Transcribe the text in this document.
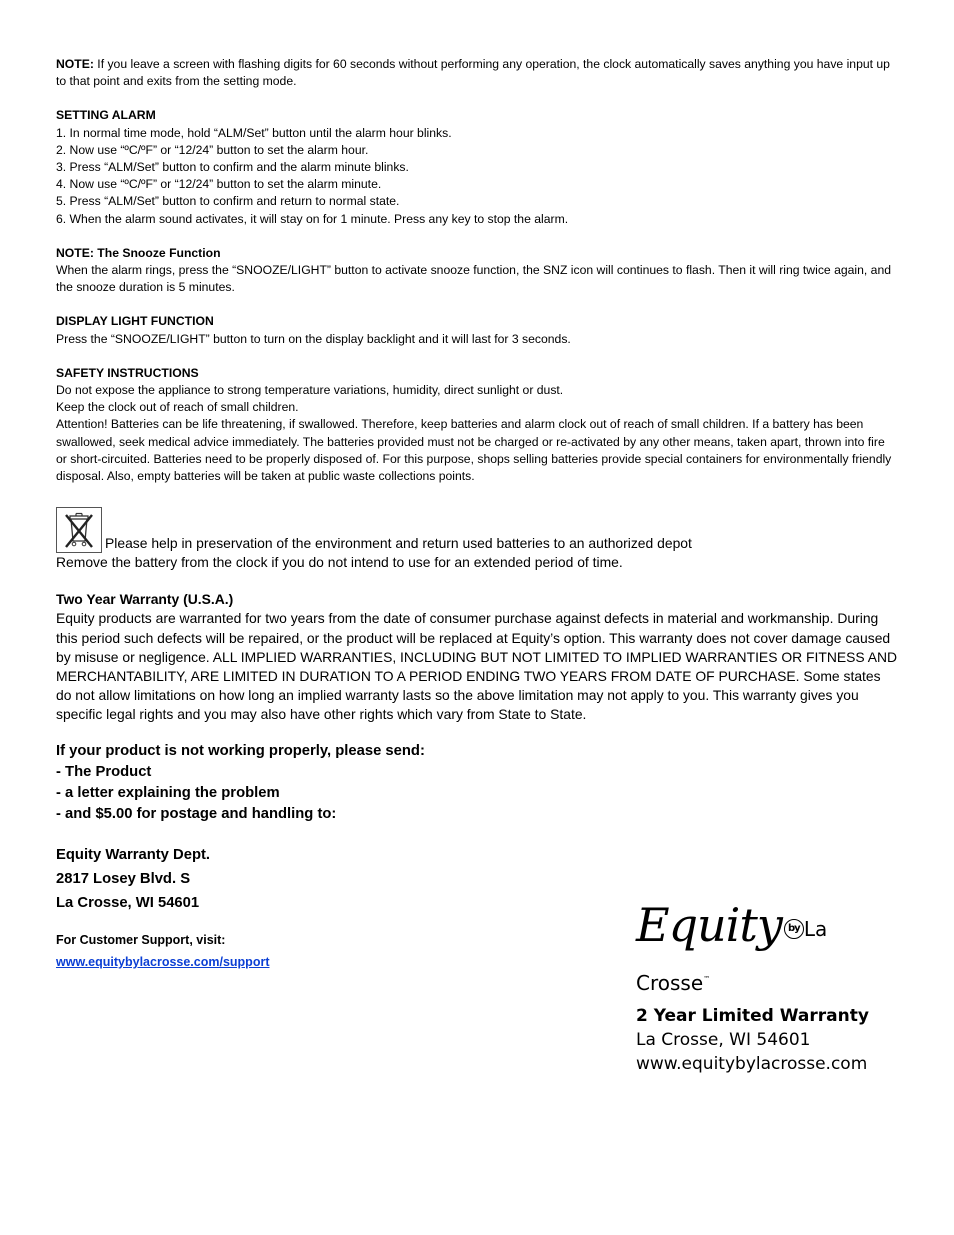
NOTE: If you leave a screen with flashing digits for 60 seconds without performing any operation, the clock automatically saves anything you have input up to that point and exits from the setting mode.

SETTING ALARM

1. In normal time mode, hold “ALM/Set” button until the alarm hour blinks.

2. Now use “ºC/ºF” or “12/24” button to set the alarm hour.

3. Press “ALM/Set” button to confirm and the alarm minute blinks.

4. Now use “ºC/ºF” or “12/24” button to set the alarm minute.

5. Press “ALM/Set” button to confirm and return to normal state.

6. When the alarm sound activates, it will stay on for 1 minute. Press any key to stop the alarm.

NOTE: The Snooze Function

When the alarm rings, press the “SNOOZE/LIGHT” button to activate snooze function, the SNZ icon will continues to flash. Then it will ring twice again, and the snooze duration is 5 minutes.

DISPLAY LIGHT FUNCTION

Press the “SNOOZE/LIGHT” button to turn on the display backlight and it will last for 3 seconds.

SAFETY INSTRUCTIONS

Do not expose the appliance to strong temperature variations, humidity, direct sunlight or dust.

Keep the clock out of reach of small children.

Attention! Batteries can be life threatening, if swallowed. Therefore, keep batteries and alarm clock out of reach of small children. If a battery has been swallowed, seek medical advice immediately. The batteries provided must not be charged or re-activated by any other means, taken apart, thrown into fire or short-circuited. Batteries need to be properly disposed of. For this purpose, shops selling batteries provide special containers for environmentally friendly disposal. Also, empty batteries will be taken at public waste collections points.

Please help in preservation of the environment and return used batteries to an authorized depot
Remove the battery from the clock if you do not intend to use for an extended period of time.

Two Year Warranty (U.S.A.)

Equity products are warranted for two years from the date of consumer purchase against defects in material and workmanship. During this period such defects will be repaired, or the product will be replaced at Equity’s option. This warranty does not cover damage caused by misuse or negligence. ALL IMPLIED WARRANTIES, INCLUDING BUT NOT LIMITED TO IMPLIED WARRANTIES OR FITNESS AND MERCHANTABILITY, ARE LIMITED IN DURATION TO A PERIOD ENDING TWO YEARS FROM DATE OF PURCHASE. Some states do not allow limitations on how long an implied warranty lasts so the above limitation may not apply to you. This warranty gives you specific legal rights and you may also have other rights which vary from State to State.

If your product is not working properly, please send:

- The Product

- a letter explaining the problem

- and $5.00 for postage and handling to:

Equity Warranty Dept.

2817 Losey Blvd. S

La Crosse, WI 54601

For Customer Support, visit:

www.equitybylacrosse.com/support
Equity by La Crosse™
2 Year Limited Warranty
La Crosse, WI 54601
www.equitybylacrosse.com
